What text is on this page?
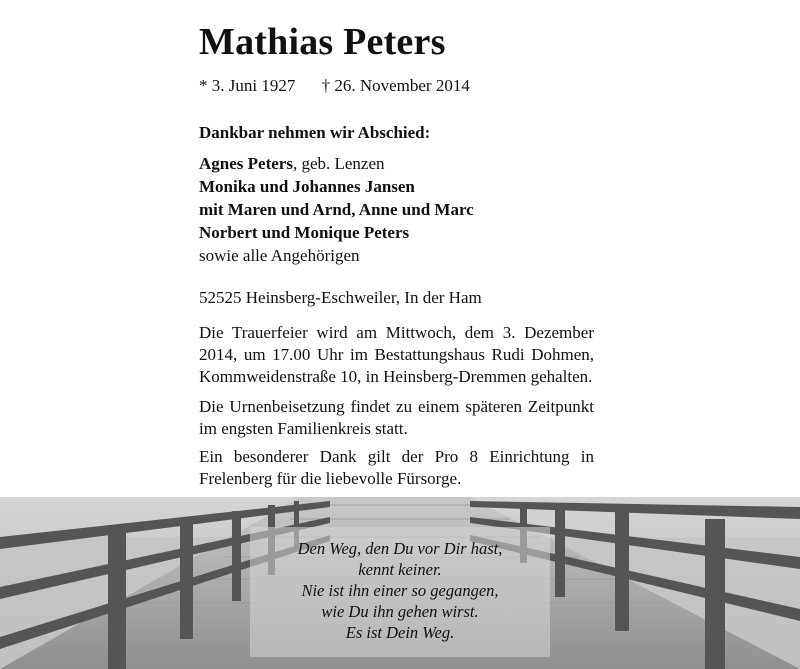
Mathias Peters
* 3. Juni 1927 † 26. November 2014
Dankbar nehmen wir Abschied:
Agnes Peters, geb. Lenzen
Monika und Johannes Jansen
mit Maren und Arnd, Anne und Marc
Norbert und Monique Peters
sowie alle Angehörigen
52525 Heinsberg-Eschweiler, In der Ham

Die Trauerfeier wird am Mittwoch, dem 3. Dezember 2014, um 17.00 Uhr im Bestattungshaus Rudi Dohmen, Kommweidenstraße 10, in Heinsberg-Dremmen gehalten.

Die Urnenbeisetzung findet zu einem späteren Zeitpunkt im engsten Familienkreis statt.

Ein besonderer Dank gilt der Pro 8 Einrichtung in Frelenberg für die liebevolle Fürsorge.

Den Weg, den Du vor Dir hast,
kennt keiner.
Nie ist ihn einer so gegangen,
wie Du ihn gehen wirst.
Es ist Dein Weg.
